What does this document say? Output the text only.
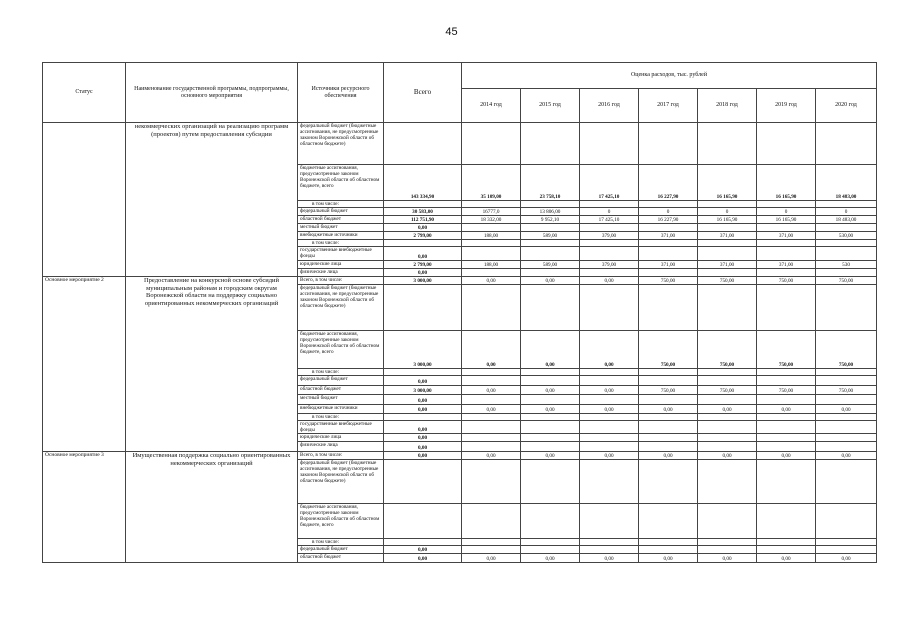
45
Статус	Наименование государственной программы, подпрограммы, основного мероприятия	Источники ресурсного обеспечения	Всего	Оценка расходов, тыс. рублей						
				2014 год	2015 год	2016 год	2017 год	2018 год	2019 год	2020 год
	некоммерческих организаций на реализацию программ (проектов) путем предоставления субсидии	федеральный бюджет (бюджетные ассигнования, не предусмотренные законом Воронежской области об областном бюджете)								
		бюджетные ассигнования, предусмотренные законом Воронежской области об областном бюджете, всего	143 334,90	35 109,00	23 758,10	17 425,10	16 227,90	16 165,90	16 165,90	18 483,00
		в том числе:								
		федеральный бюджет	30 583,00	16777,0	13 806,00	0	0	0	0	0
		областной бюджет	112 751,90	18 332,00	9 952,10	17 425,10	16 227,90	16 165,90	16 165,90	18 483,00
		местный бюджет	0,00							
		внебюджетные источники	2 799,00	188,00	589,00	379,00	371,00	371,00	371,00	530,00
		в том числе:								
		государственные внебюджетные фонды	0,00							
		юридические лица	2 799,00	188,00	589,00	379,00	371,00	371,00	371,00	530
		физические лица	0,00							
Основное мероприятие 2	Предоставление на конкурсной основе субсидий муниципальным районам и городским округам Воронежской области на поддержку социально ориентированных некоммерческих организаций	Всего, в том числе:	3 000,00	0,00	0,00	0,00	750,00	750,00	750,00	750,00
		федеральный бюджет (бюджетные ассигнования, не предусмотренные законом Воронежской области об областном бюджете)								
		бюджетные ассигнования, предусмотренные законом Воронежской области об областном бюджете, всего	3 000,00	0,00	0,00	0,00	750,00	750,00	750,00	750,00
		в том числе:								
		федеральный бюджет	0,00							
		областной бюджет	3 000,00	0,00	0,00	0,00	750,00	750,00	750,00	750,00
		местный бюджет	0,00							
		внебюджетные источники	0,00	0,00	0,00	0,00	0,00	0,00	0,00	0,00
		в том числе:								
		государственные внебюджетные фонды	0,00							
		юридические лица	0,00							
		физические лица	0,00							
Основное мероприятие 3	Имущественная поддержка социально ориентированных некоммерческих организаций	Всего, в том числе:	0,00	0,00	0,00	0,00	0,00	0,00	0,00	0,00
		федеральный бюджет (бюджетные ассигнования, не предусмотренные законом Воронежской области об областном бюджете)								
		бюджетные ассигнования, предусмотренные законом Воронежской области об областном бюджете, всего								
		в том числе:								
		федеральный бюджет	0,00							
		областной бюджет	0,00	0,00	0,00	0,00	0,00	0,00	0,00	0,00
